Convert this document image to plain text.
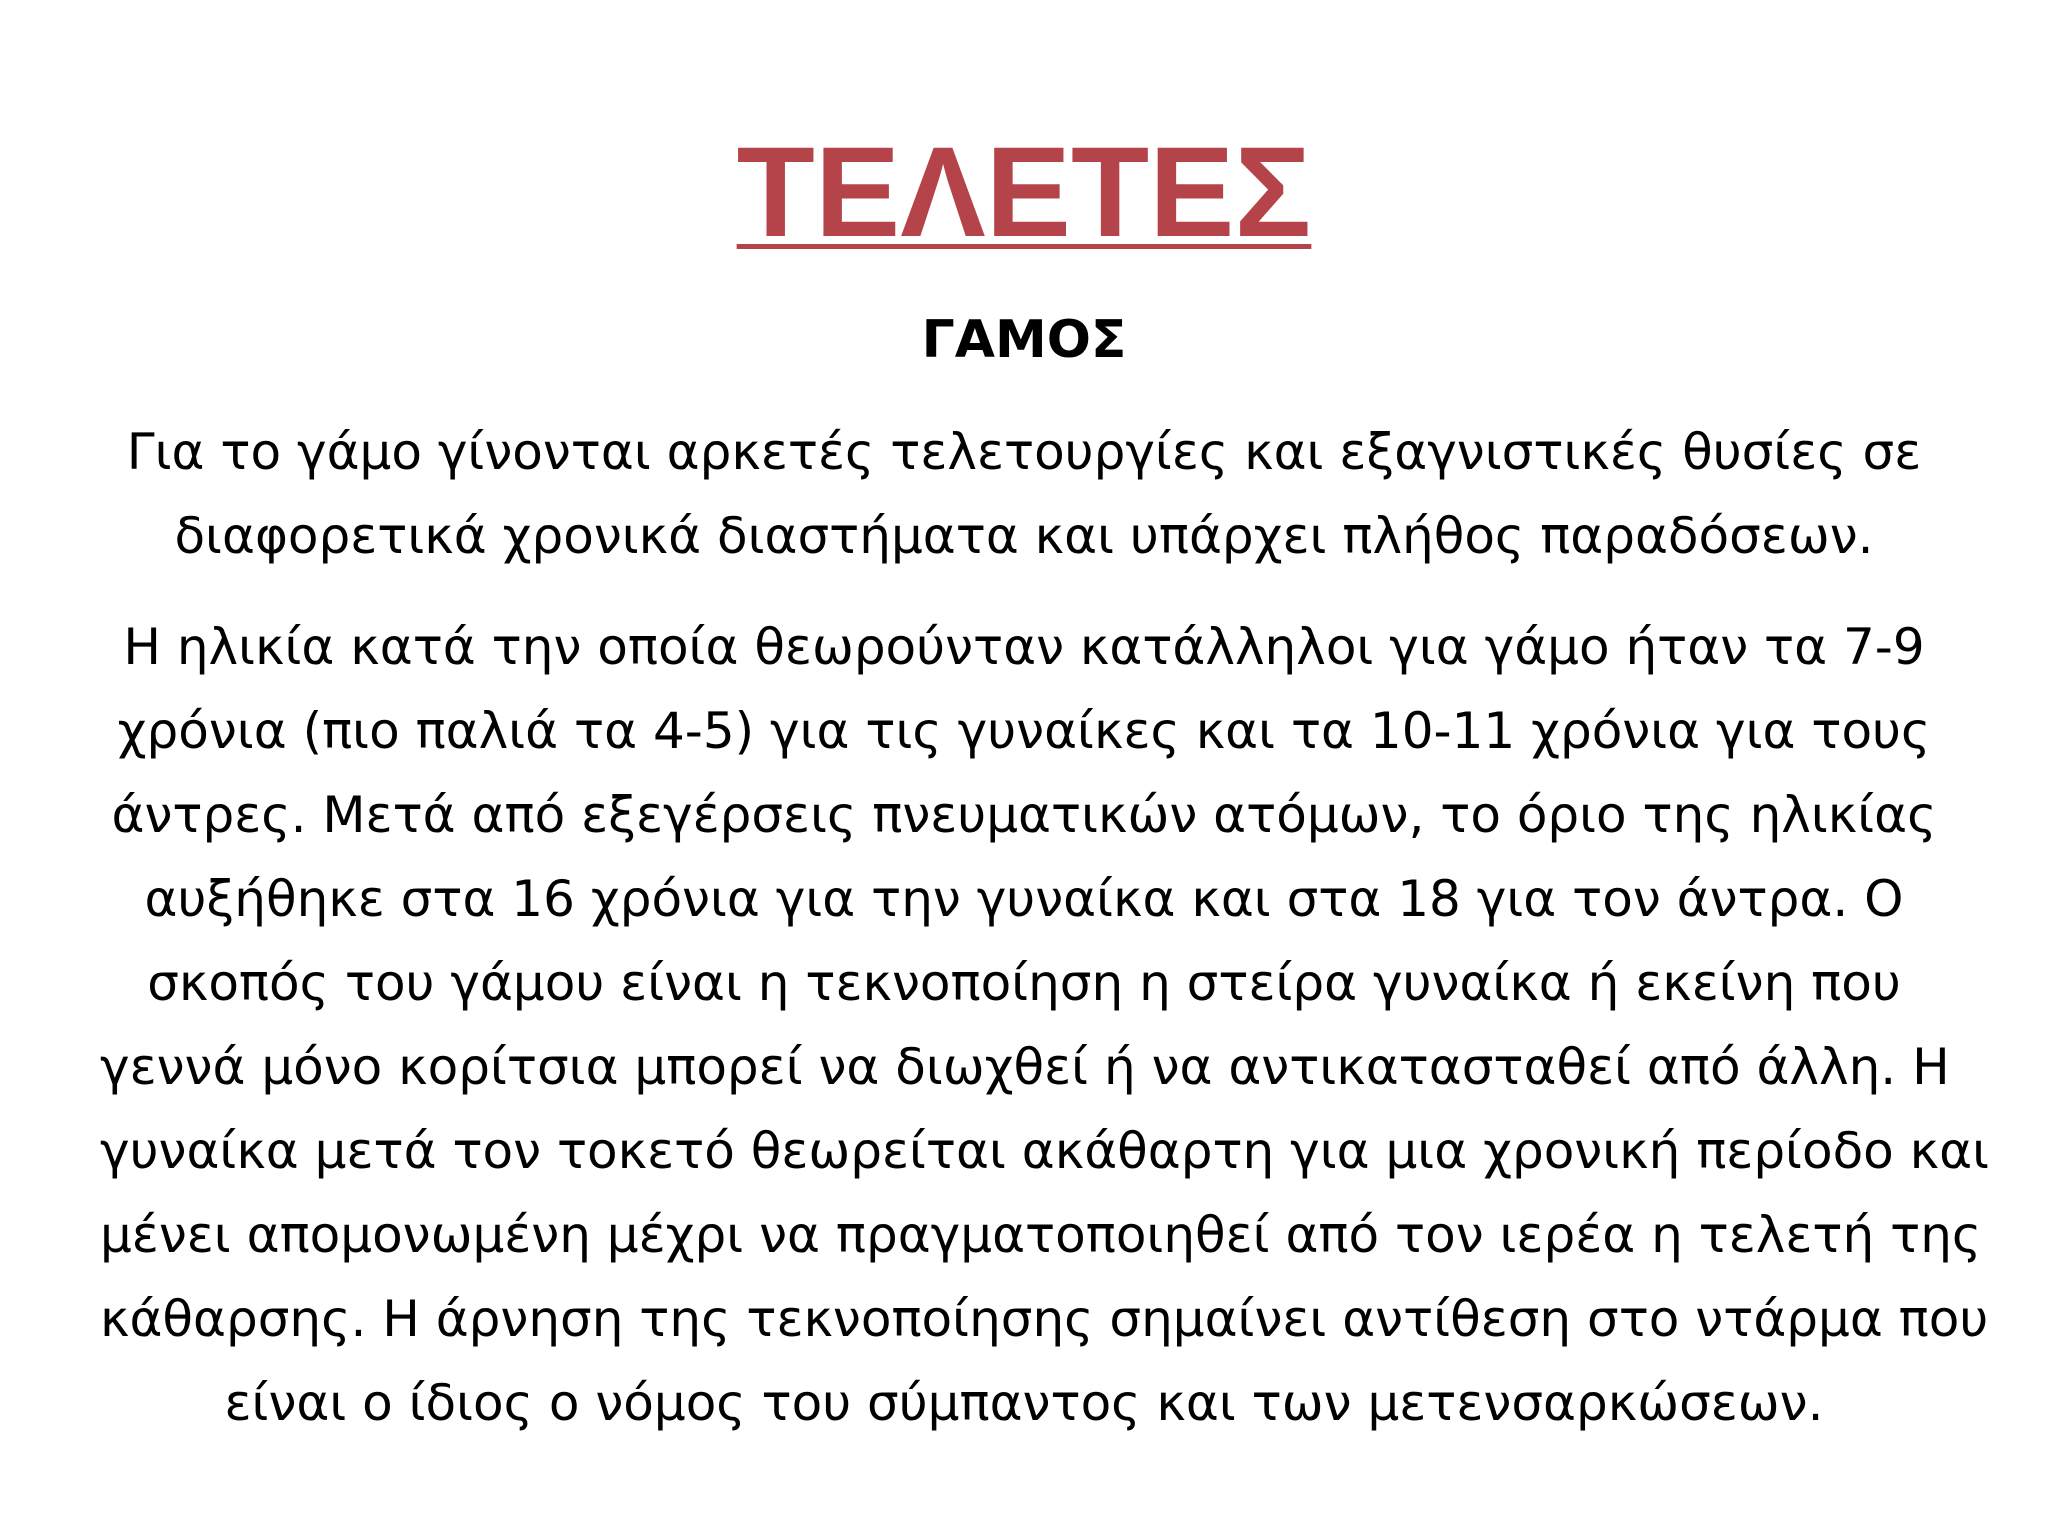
ΤΕΛΕΤΕΣ
ΓΑΜΟΣ

Για το γάμο γίνονται αρκετές τελετουργίες και εξαγνιστικές θυσίες σε
διαφορετικά χρονικά διαστήματα και υπάρχει πλήθος παραδόσεων.

Η ηλικία κατά την οποία θεωρούνταν κατάλληλοι για γάμο ήταν τα 7-9
χρόνια (πιο παλιά τα 4-5) για τις γυναίκες και τα 10-11 χρόνια για τους
άντρες. Μετά από εξεγέρσεις πνευματικών ατόμων, το όριο της ηλικίας
αυξήθηκε στα 16 χρόνια για την γυναίκα και στα 18 για τον άντρα. Ο
σκοπός του γάμου είναι η τεκνοποίηση η στείρα γυναίκα ή εκείνη που
γεννά μόνο κορίτσια μπορεί να διωχθεί ή να αντικατασταθεί από άλλη. Η
γυναίκα μετά τον τοκετό θεωρείται ακάθαρτη για μια χρονική περίοδο και
μένει απομονωμένη μέχρι να πραγματοποιηθεί από τον ιερέα η τελετή της
κάθαρσης. Η άρνηση της τεκνοποίησης σημαίνει αντίθεση στο ντάρμα που
είναι ο ίδιος ο νόμος του σύμπαντος και των μετενσαρκώσεων.
